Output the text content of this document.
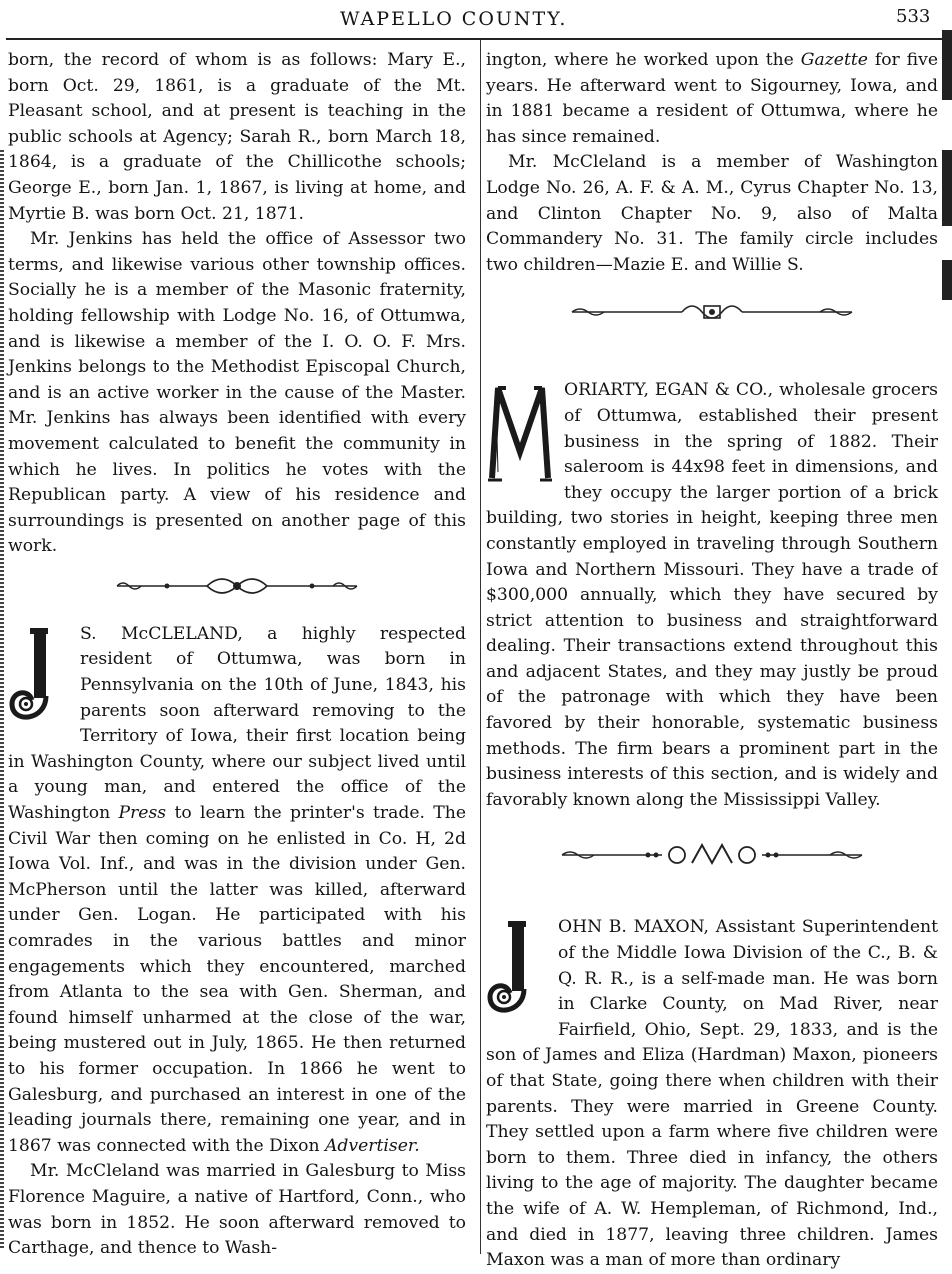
WAPELLO COUNTY.	533

born, the record of whom is as follows: Mary E., born Oct. 29, 1861, is a graduate of the Mt. Pleasant school, and at present is teaching in the public schools at Agency; Sarah R., born March 18, 1864, is a graduate of the Chillicothe schools; George E., born Jan. 1, 1867, is living at home, and Myrtie B. was born Oct. 21, 1871.

Mr. Jenkins has held the office of Assessor two terms, and likewise various other township offices. Socially he is a member of the Masonic fraternity, holding fellowship with Lodge No. 16, of Ottumwa, and is likewise a member of the I. O. O. F. Mrs. Jenkins belongs to the Methodist Episcopal Church, and is an active worker in the cause of the Master. Mr. Jenkins has always been identified with every movement calculated to benefit the community in which he lives. In politics he votes with the Republican party. A view of his residence and surroundings is presented on another page of this work.

S. McCLELAND, a highly respected resident of Ottumwa, was born in Pennsylvania on the 10th of June, 1843, his parents soon afterward removing to the Territory of Iowa, their first location being in Washington County, where our subject lived until a young man, and entered the office of the Washington Press to learn the printer's trade. The Civil War then coming on he enlisted in Co. H, 2d Iowa Vol. Inf., and was in the division under Gen. McPherson until the latter was killed, afterward under Gen. Logan. He participated with his comrades in the various battles and minor engagements which they encountered, marched from Atlanta to the sea with Gen. Sherman, and found himself unharmed at the close of the war, being mustered out in July, 1865. He then returned to his former occupation. In 1866 he went to Galesburg, and purchased an interest in one of the leading journals there, remaining one year, and in 1867 was connected with the Dixon Advertiser.

Mr. McCleland was married in Galesburg to Miss Florence Maguire, a native of Hartford, Conn., who was born in 1852. He soon afterward removed to Carthage, and thence to Wash-

ington, where he worked upon the Gazette for five years. He afterward went to Sigourney, Iowa, and in 1881 became a resident of Ottumwa, where he has since remained.

Mr. McCleland is a member of Washington Lodge No. 26, A. F. & A. M., Cyrus Chapter No. 13, and Clinton Chapter No. 9, also of Malta Commandery No. 31. The family circle includes two children—Mazie E. and Willie S.

ORIARTY, EGAN & CO., wholesale grocers of Ottumwa, established their present business in the spring of 1882. Their saleroom is 44x98 feet in dimensions, and they occupy the larger portion of a brick building, two stories in height, keeping three men constantly employed in traveling through Southern Iowa and Northern Missouri. They have a trade of $300,000 annually, which they have secured by strict attention to business and straightforward dealing. Their transactions extend throughout this and adjacent States, and they may justly be proud of the patronage with which they have been favored by their honorable, systematic business methods. The firm bears a prominent part in the business interests of this section, and is widely and favorably known along the Mississippi Valley.

OHN B. MAXON, Assistant Superintendent of the Middle Iowa Division of the C., B. & Q. R. R., is a self-made man. He was born in Clarke County, on Mad River, near Fairfield, Ohio, Sept. 29, 1833, and is the son of James and Eliza (Hardman) Maxon, pioneers of that State, going there when children with their parents. They were married in Greene County. They settled upon a farm where five children were born to them. Three died in infancy, the others living to the age of majority. The daughter became the wife of A. W. Hempleman, of Richmond, Ind., and died in 1877, leaving three children. James Maxon was a man of more than ordinary
